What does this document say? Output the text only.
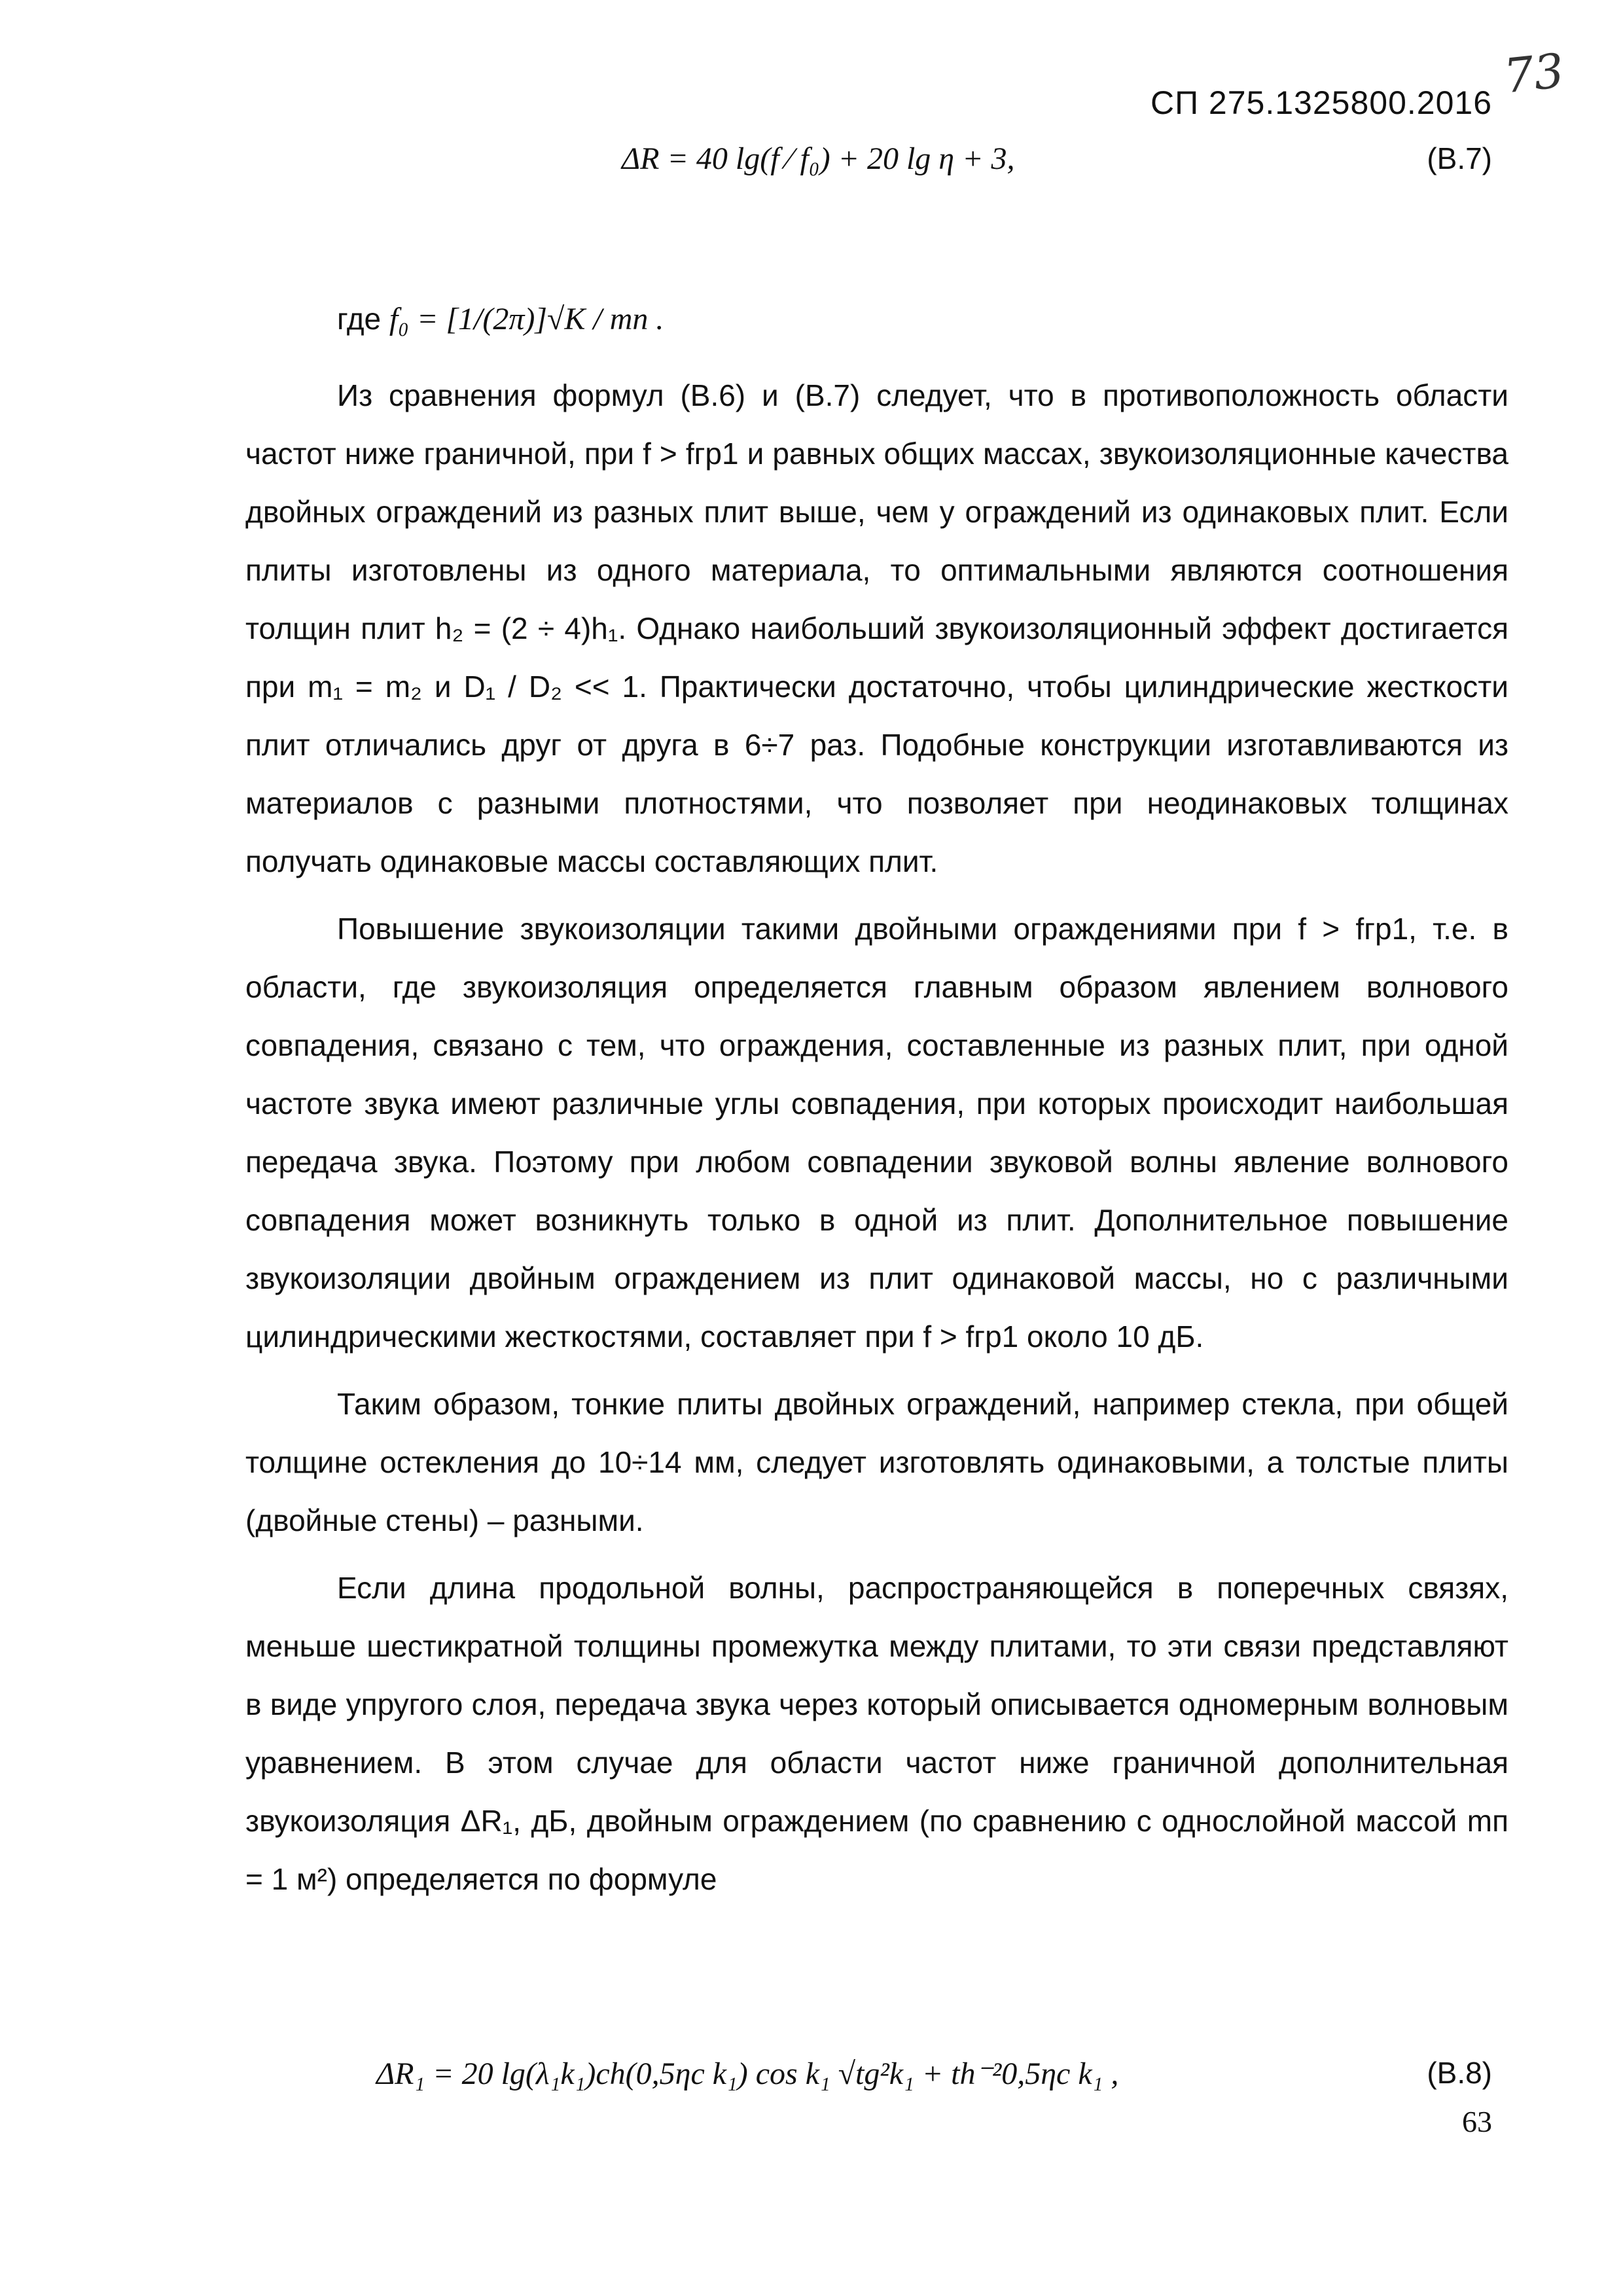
СП 275.1325800.2016 73
ΔR = 40 lg(f ⁄ f₀) + 20 lg η + 3,	(В.7)
где f₀ = [1/(2π)]√K / mп .

Из сравнения формул (В.6) и (В.7) следует, что в противоположность области частот ниже граничной, при f > fгр1 и равных общих массах, звукоизоляционные качества двойных ограждений из разных плит выше, чем у ограждений из одинаковых плит. Если плиты изготовлены из одного материала, то оптимальными являются соотношения толщин плит h₂ = (2 ÷ 4)h₁. Однако наибольший звукоизоляционный эффект достигается при m₁ = m₂ и D₁ / D₂ << 1. Практически достаточно, чтобы цилиндрические жесткости плит отличались друг от друга в 6÷7 раз. Подобные конструкции изготавливаются из материалов с разными плотностями, что позволяет при неодинаковых толщинах получать одинаковые массы составляющих плит.

Повышение звукоизоляции такими двойными ограждениями при f > fгр1, т.е. в области, где звукоизоляция определяется главным образом явлением волнового совпадения, связано с тем, что ограждения, составленные из разных плит, при одной частоте звука имеют различные углы совпадения, при которых происходит наибольшая передача звука. Поэтому при любом совпадении звуковой волны явление волнового совпадения может возникнуть только в одной из плит. Дополнительное повышение звукоизоляции двойным ограждением из плит одинаковой массы, но с различными цилиндрическими жесткостями, составляет при f > fгр1 около 10 дБ.

Таким образом, тонкие плиты двойных ограждений, например стекла, при общей толщине остекления до 10÷14 мм, следует изготовлять одинаковыми, а толстые плиты (двойные стены) – разными.

Если длина продольной волны, распространяющейся в поперечных связях, меньше шестикратной толщины промежутка между плитами, то эти связи представляют в виде упругого слоя, передача звука через который описывается одномерным волновым уравнением. В этом случае для области частот ниже граничной дополнительная звукоизоляция ΔR₁, дБ, двойным ограждением (по сравнению с однослойной массой mп = 1 м²) определяется по формуле

ΔR₁ = 20 lg(λ₁k₁)ch(0,5ηc k₁) cos k₁ √tg²k₁ + th⁻²0,5ηc k₁ ,	(В.8)
63
